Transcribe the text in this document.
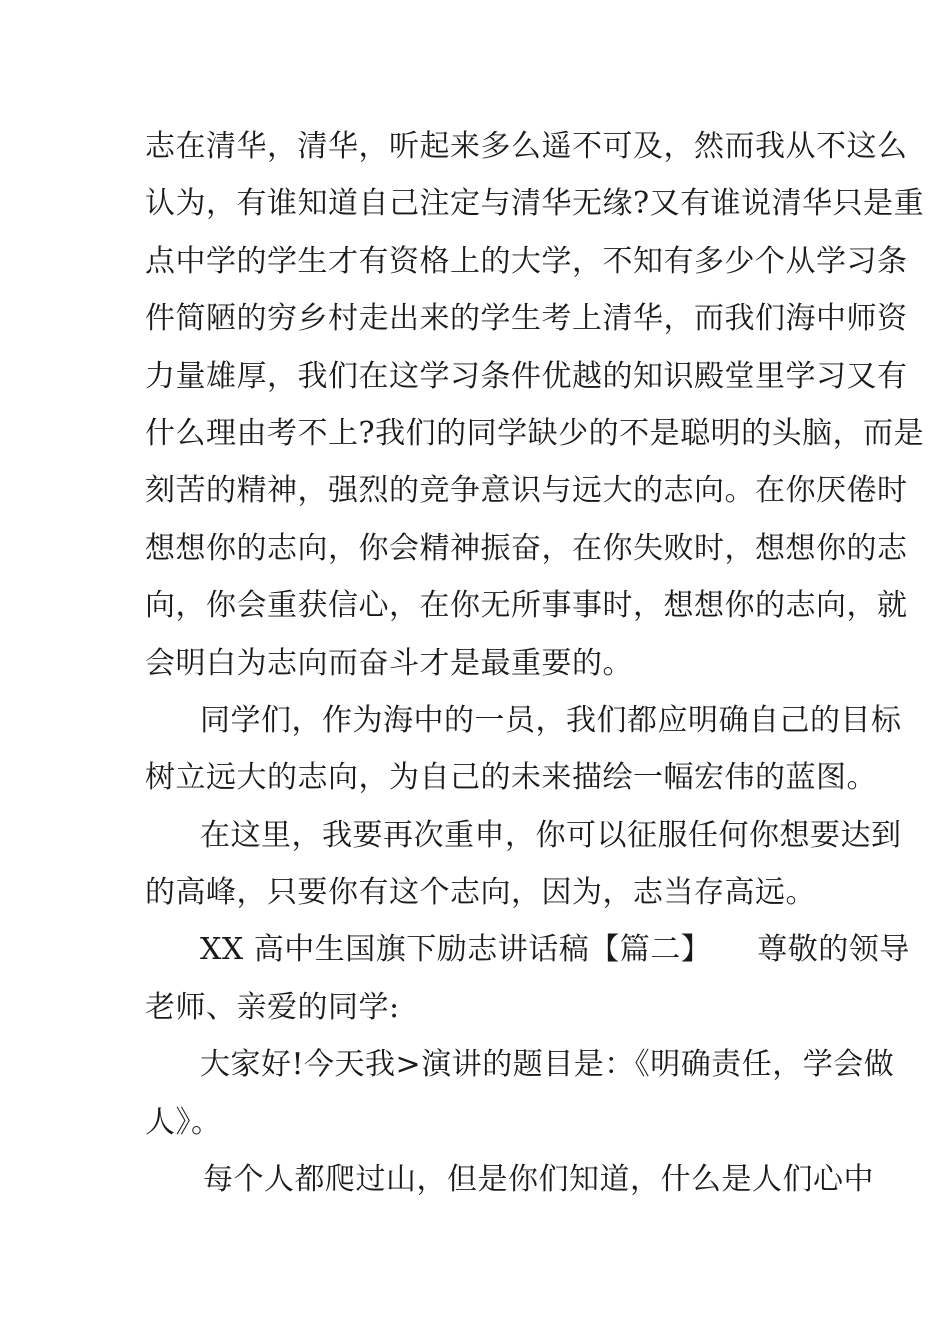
志在清华，清华，听起来多么遥不可及，然而我从不这么
认为，有谁知道自己注定与清华无缘?又有谁说清华只是重
点中学的学生才有资格上的大学，不知有多少个从学习条
件简陋的穷乡村走出来的学生考上清华，而我们海中师资
力量雄厚，我们在这学习条件优越的知识殿堂里学习又有
什么理由考不上?我们的同学缺少的不是聪明的头脑，而是
刻苦的精神，强烈的竞争意识与远大的志向。在你厌倦时
想想你的志向，你会精神振奋，在你失败时，想想你的志
向，你会重获信心，在你无所事事时，想想你的志向，就
会明白为志向而奋斗才是最重要的。
同学们，作为海中的一员，我们都应明确自己的目标
树立远大的志向，为自己的未来描绘一幅宏伟的蓝图。
在这里，我要再次重申，你可以征服任何你想要达到
的高峰，只要你有这个志向，因为，志当存高远。
XX 高中生国旗下励志讲话稿【篇二】　　尊敬的领导
老师、亲爱的同学:
大家好!今天我>演讲的题目是：《明确责任，学会做
人》。
每个人都爬过山，但是你们知道，什么是人们心中
